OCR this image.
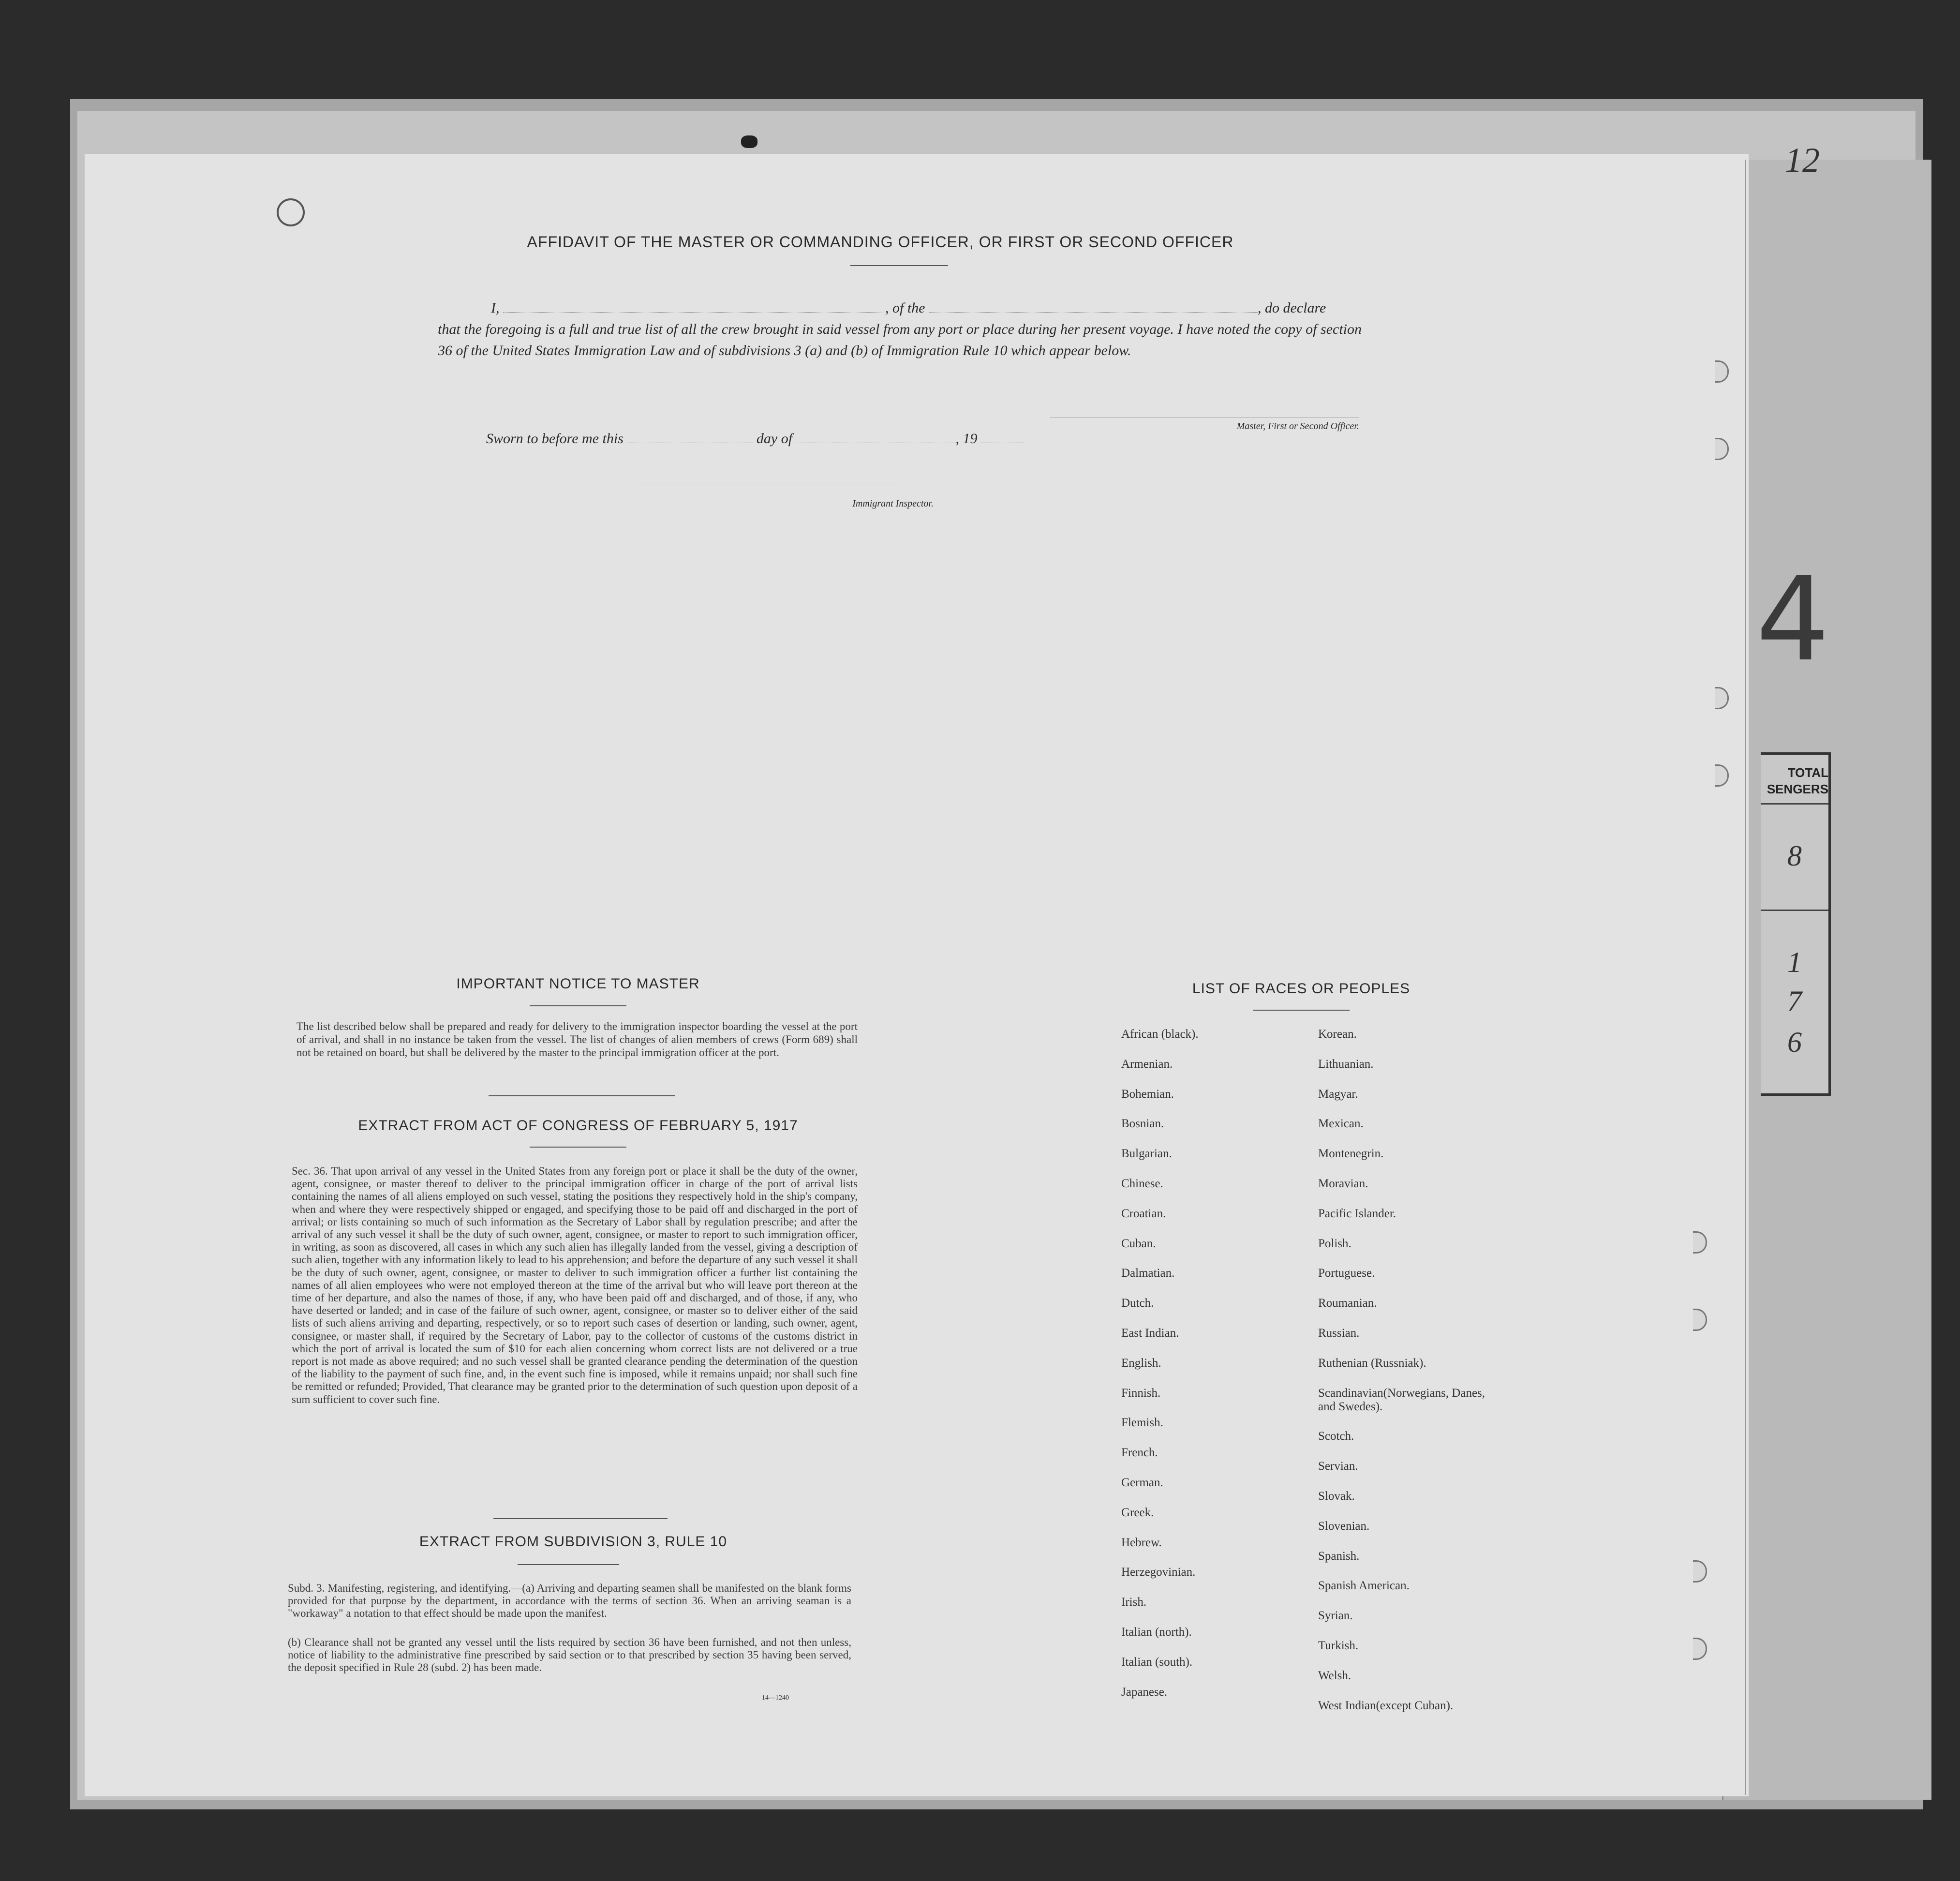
12
4
TOTAL SENGERS
8
1
7
6
AFFIDAVIT OF THE MASTER OR COMMANDING OFFICER, OR FIRST OR SECOND OFFICER
I,	, of the	, do declare
that the foregoing is a full and true list of all the crew brought in said vessel from any port or place during her present voyage. I have noted the copy of section 36 of the United States Immigration Law and of subdivisions 3 (a) and (b) of Immigration Rule 10 which appear below.
Master, First or Second Officer.
Sworn to before me this	day of	, 19
Immigrant Inspector.
IMPORTANT NOTICE TO MASTER
The list described below shall be prepared and ready for delivery to the immigration inspector boarding the vessel at the port of arrival, and shall in no instance be taken from the vessel. The list of changes of alien members of crews (Form 689) shall not be retained on board, but shall be delivered by the master to the principal immigration officer at the port.
EXTRACT FROM ACT OF CONGRESS OF FEBRUARY 5, 1917
Sec. 36. That upon arrival of any vessel in the United States from any foreign port or place it shall be the duty of the owner, agent, consignee, or master thereof to deliver to the principal immigration officer in charge of the port of arrival lists containing the names of all aliens employed on such vessel, stating the positions they respectively hold in the ship's company, when and where they were respectively shipped or engaged, and specifying those to be paid off and discharged in the port of arrival; or lists containing so much of such information as the Secretary of Labor shall by regulation prescribe; and after the arrival of any such vessel it shall be the duty of such owner, agent, consignee, or master to report to such immigration officer, in writing, as soon as discovered, all cases in which any such alien has illegally landed from the vessel, giving a description of such alien, together with any information likely to lead to his apprehension; and before the departure of any such vessel it shall be the duty of such owner, agent, consignee, or master to deliver to such immigration officer a further list containing the names of all alien employees who were not employed thereon at the time of the arrival but who will leave port thereon at the time of her departure, and also the names of those, if any, who have been paid off and discharged, and of those, if any, who have deserted or landed; and in case of the failure of such owner, agent, consignee, or master so to deliver either of the said lists of such aliens arriving and departing, respectively, or so to report such cases of desertion or landing, such owner, agent, consignee, or master shall, if required by the Secretary of Labor, pay to the collector of customs of the customs district in which the port of arrival is located the sum of $10 for each alien concerning whom correct lists are not delivered or a true report is not made as above required; and no such vessel shall be granted clearance pending the determination of the question of the liability to the payment of such fine, and, in the event such fine is imposed, while it remains unpaid; nor shall such fine be remitted or refunded; Provided, That clearance may be granted prior to the determination of such question upon deposit of a sum sufficient to cover such fine.
EXTRACT FROM SUBDIVISION 3, RULE 10
Subd. 3. Manifesting, registering, and identifying.—(a) Arriving and departing seamen shall be manifested on the blank forms provided for that purpose by the department, in accordance with the terms of section 36. When an arriving seaman is a "workaway" a notation to that effect should be made upon the manifest.
(b) Clearance shall not be granted any vessel until the lists required by section 36 have been furnished, and not then unless, notice of liability to the administrative fine prescribed by said section or to that prescribed by section 35 having been served, the deposit specified in Rule 28 (subd. 2) has been made.
14—1240
LIST OF RACES OR PEOPLES
African (black).
Armenian.
Bohemian.
Bosnian.
Bulgarian.
Chinese.
Croatian.
Cuban.
Dalmatian.
Dutch.
East Indian.
English.
Finnish.
Flemish.
French.
German.
Greek.
Hebrew.
Herzegovinian.
Irish.
Italian (north).
Italian (south).
Japanese.
Korean.
Lithuanian.
Magyar.
Mexican.
Montenegrin.
Moravian.
Pacific Islander.
Polish.
Portuguese.
Roumanian.
Russian.
Ruthenian (Russniak).
Scandinavian(Norwegians, Danes, and Swedes).
Scotch.
Servian.
Slovak.
Slovenian.
Spanish.
Spanish American.
Syrian.
Turkish.
Welsh.
West Indian(except Cuban).
